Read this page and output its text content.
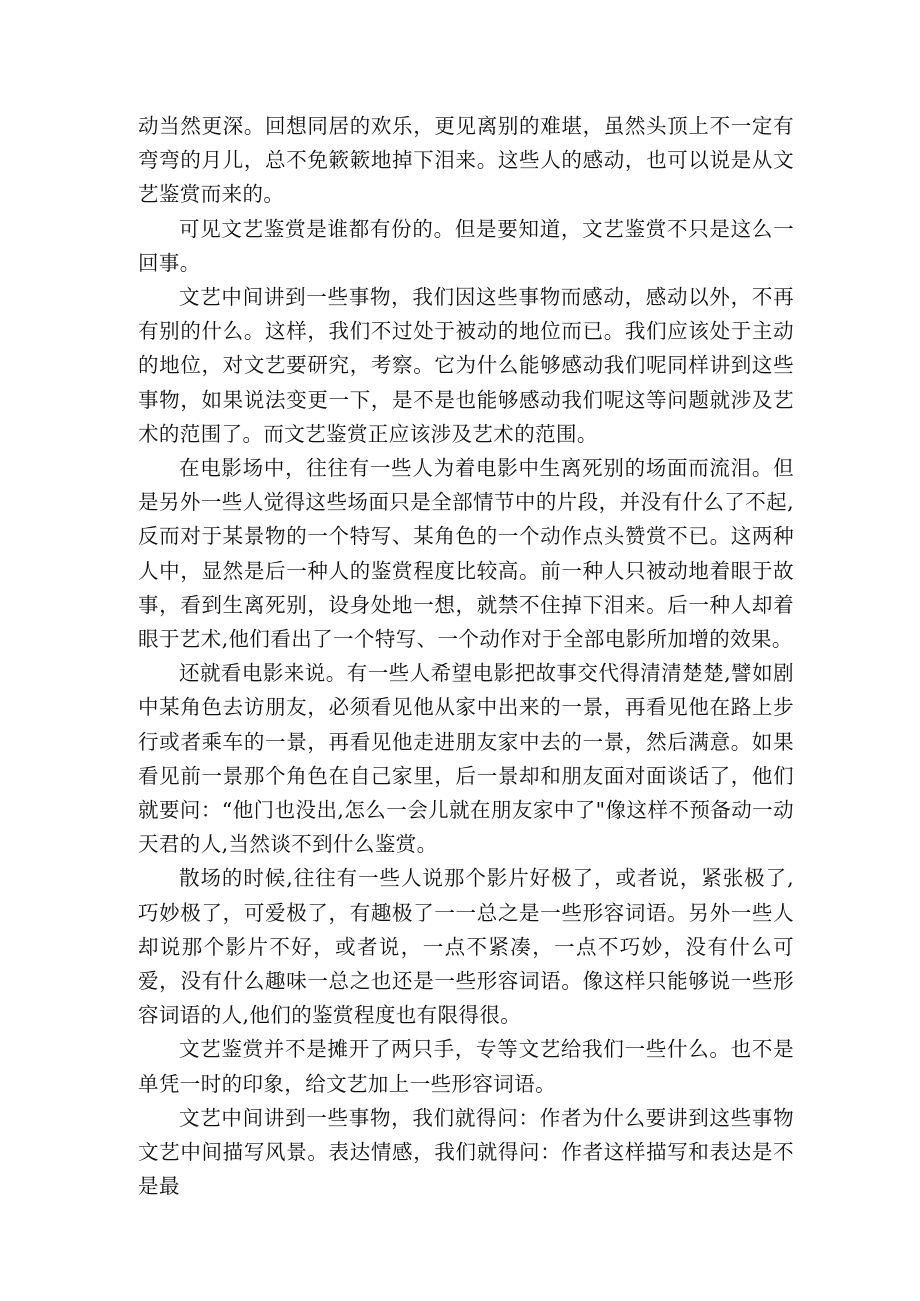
动当然更深。回想同居的欢乐，更见离别的难堪，虽然头顶上不一定有弯弯的月儿，总不免簌簌地掉下泪来。这些人的感动，也可以说是从文艺鉴赏而来的。

可见文艺鉴赏是谁都有份的。但是要知道，文艺鉴赏不只是这么一回事。

文艺中间讲到一些事物，我们因这些事物而感动，感动以外，不再有别的什么。这样，我们不过处于被动的地位而已。我们应该处于主动的地位，对文艺要研究，考察。它为什么能够感动我们呢同样讲到这些事物，如果说法变更一下，是不是也能够感动我们呢这等问题就涉及艺术的范围了。而文艺鉴赏正应该涉及艺术的范围。

在电影场中，往往有一些人为着电影中生离死别的场面而流泪。但是另外一些人觉得这些场面只是全部情节中的片段，并没有什么了不起,反而对于某景物的一个特写、某角色的一个动作点头赞赏不已。这两种人中，显然是后一种人的鉴赏程度比较高。前一种人只被动地着眼于故事，看到生离死别，设身处地一想，就禁不住掉下泪来。后一种人却着眼于艺术,他们看出了一个特写、一个动作对于全部电影所加增的效果。

还就看电影来说。有一些人希望电影把故事交代得清清楚楚,譬如剧中某角色去访朋友，必须看见他从家中出来的一景，再看见他在路上步行或者乘车的一景，再看见他走进朋友家中去的一景，然后满意。如果看见前一景那个角色在自己家里，后一景却和朋友面对面谈话了，他们就要问：“他门也没出,怎么一会儿就在朋友家中了"像这样不预备动一动天君的人,当然谈不到什么鉴赏。

散场的时候,往往有一些人说那个影片好极了，或者说，紧张极了,巧妙极了，可爱极了，有趣极了一一总之是一些形容词语。另外一些人却说那个影片不好，或者说，一点不紧凑，一点不巧妙，没有什么可爱，没有什么趣味一总之也还是一些形容词语。像这样只能够说一些形容词语的人,他们的鉴赏程度也有限得很。

文艺鉴赏并不是摊开了两只手，专等文艺给我们一些什么。也不是单凭一时的印象，给文艺加上一些形容词语。

文艺中间讲到一些事物，我们就得问：作者为什么要讲到这些事物文艺中间描写风景。表达情感，我们就得问：作者这样描写和表达是不是最
